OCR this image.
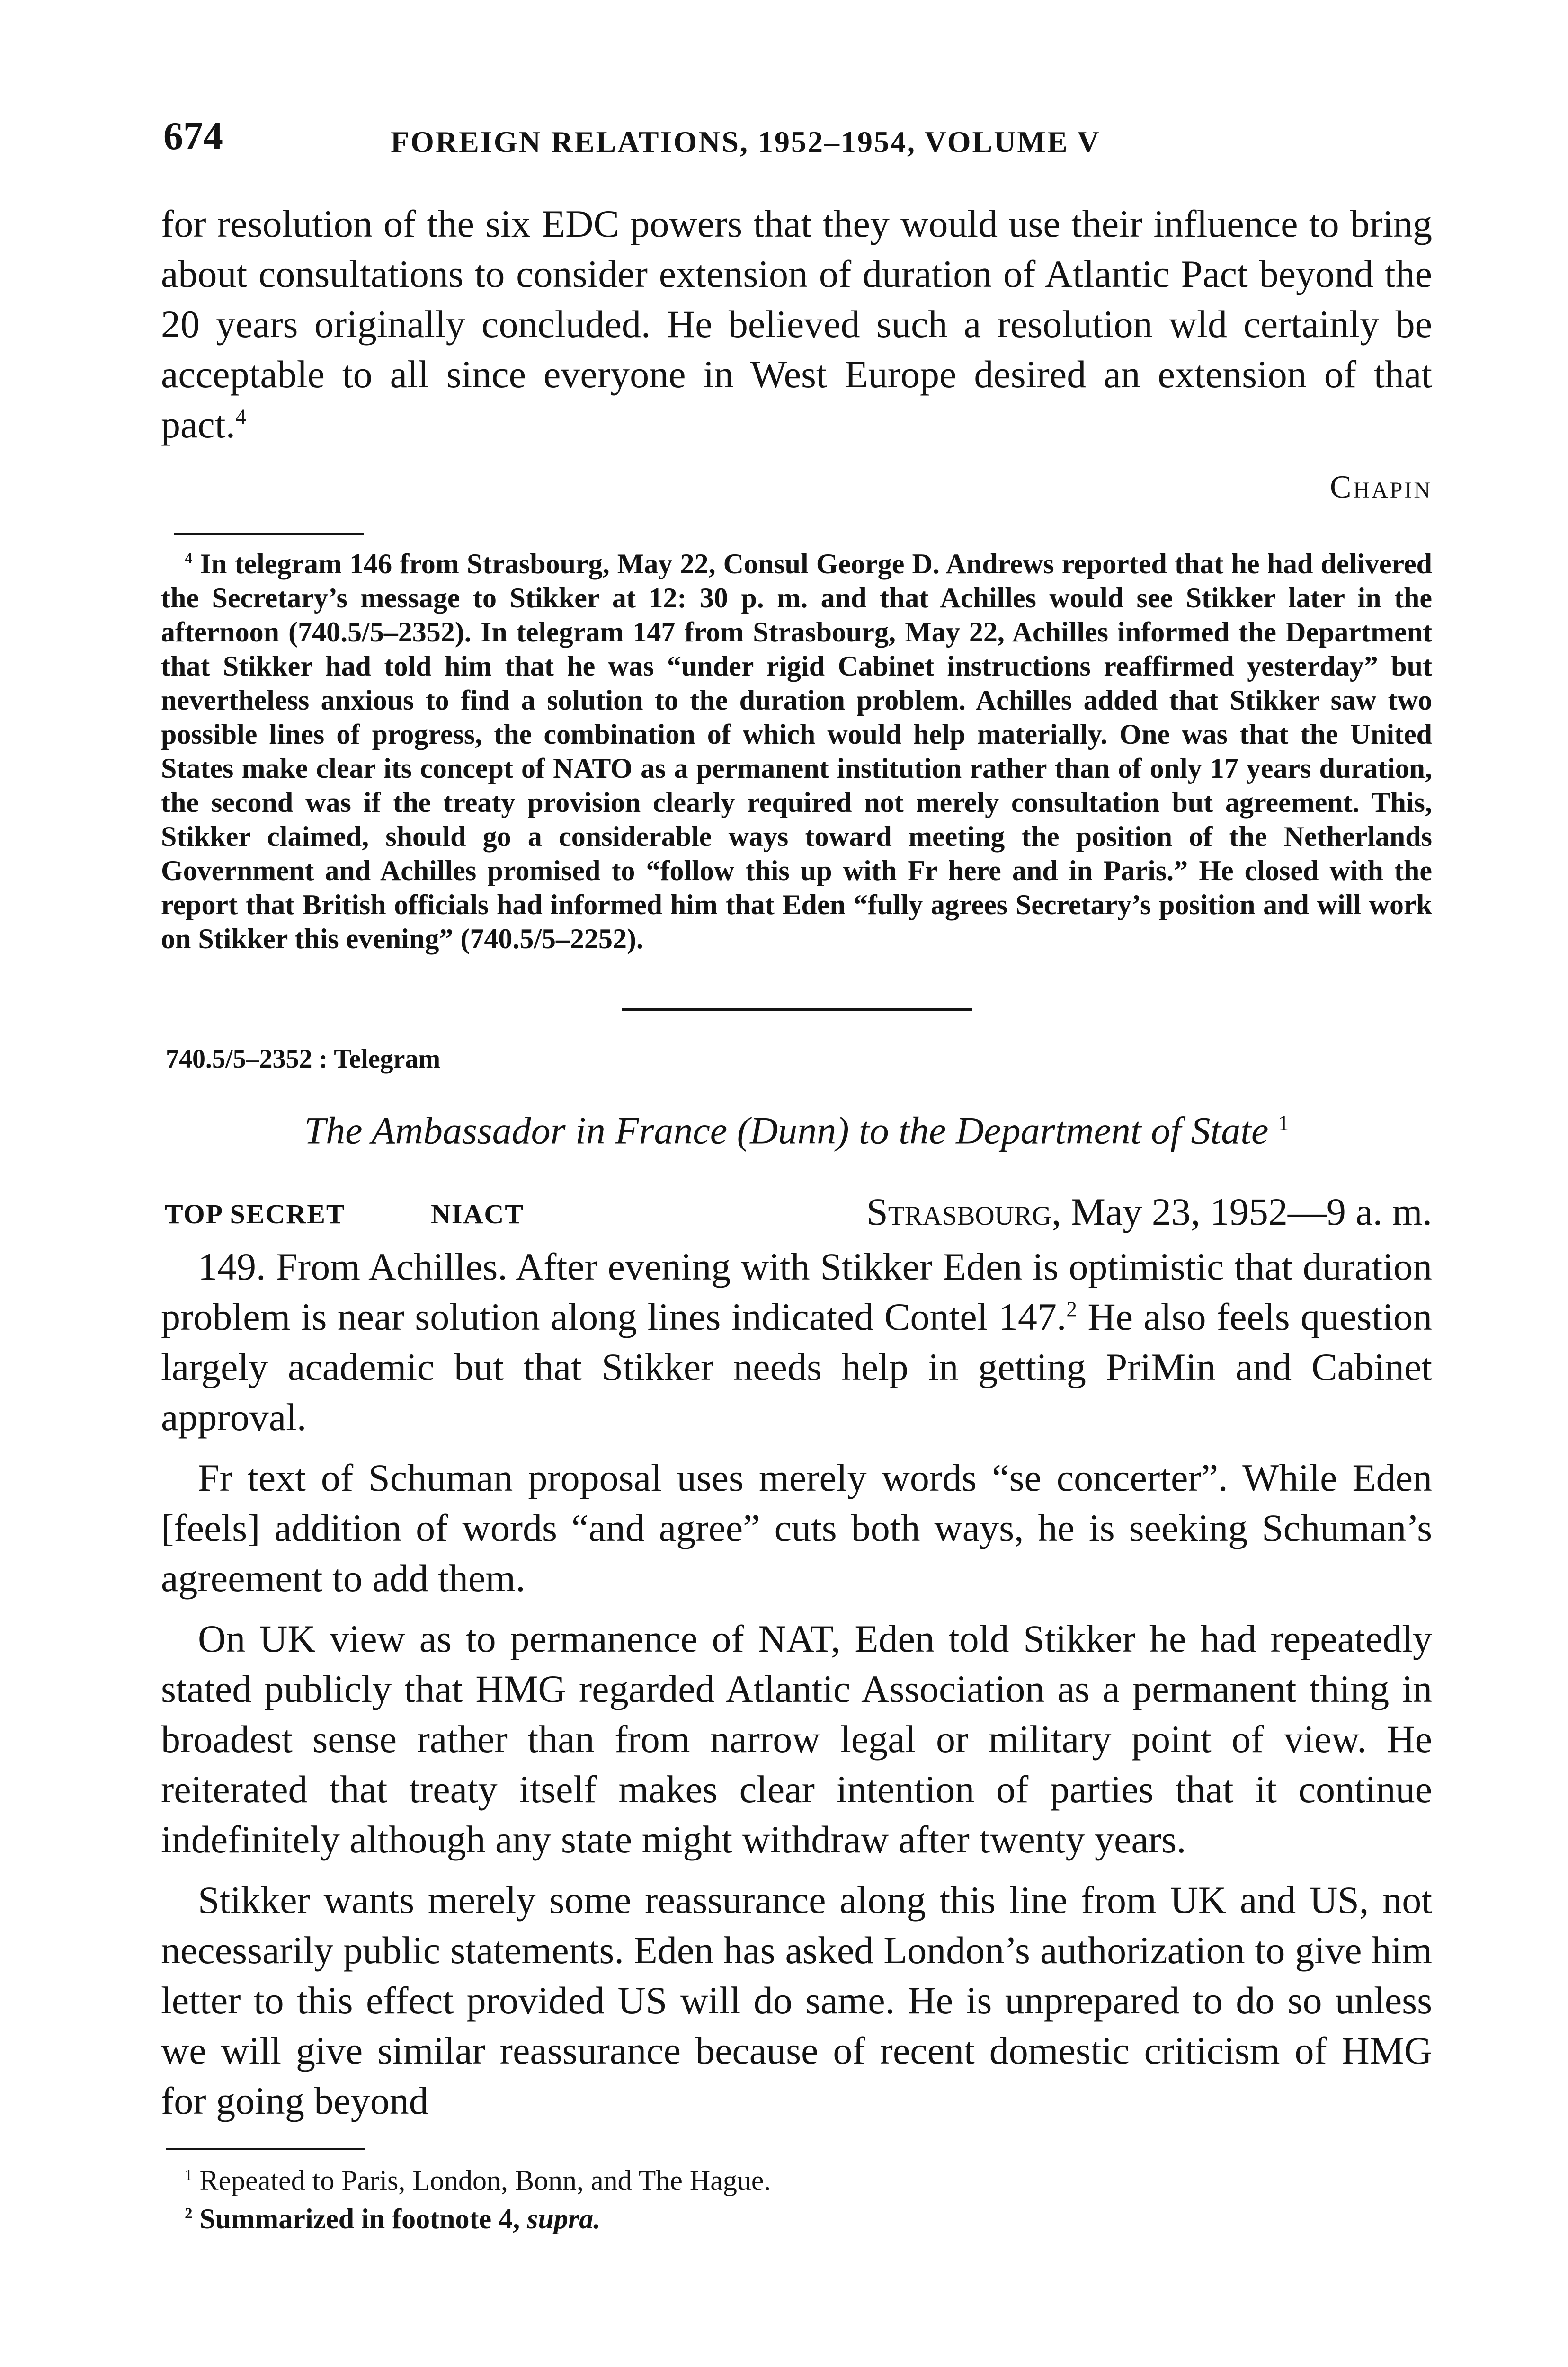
674	FOREIGN RELATIONS, 1952–1954, VOLUME V

for resolution of the six EDC powers that they would use their influence to bring about consultations to consider extension of duration of Atlantic Pact beyond the 20 years originally concluded. He believed such a resolution wld certainly be acceptable to all since everyone in West Europe desired an extension of that pact.$^4$

Chapin

$^4$ In telegram 146 from Strasbourg, May 22, Consul George D. Andrews reported that he had delivered the Secretary’s message to Stikker at 12: 30 p. m. and that Achilles would see Stikker later in the afternoon (740.5/5–2352). In telegram 147 from Strasbourg, May 22, Achilles informed the Department that Stikker had told him that he was “under rigid Cabinet instructions reaffirmed yesterday” but nevertheless anxious to find a solution to the duration problem. Achilles added that Stikker saw two possible lines of progress, the combination of which would help materially. One was that the United States make clear its concept of NATO as a permanent institution rather than of only 17 years duration, the second was if the treaty provision clearly required not merely consultation but agreement. This, Stikker claimed, should go a considerable ways toward meeting the position of the Netherlands Government and Achilles promised to “follow this up with Fr here and in Paris.” He closed with the report that British officials had informed him that Eden “fully agrees Secretary’s position and will work on Stikker this evening” (740.5/5–2252).

740.5/5–2352 : Telegram
The Ambassador in France (Dunn) to the Department of State $^1$
TOP SECRET	NIACT	Strasbourg, May 23, 1952—9 a. m.

149. From Achilles. After evening with Stikker Eden is optimistic that duration problem is near solution along lines indicated Contel 147.$^2$ He also feels question largely academic but that Stikker needs help in getting PriMin and Cabinet approval.

Fr text of Schuman proposal uses merely words “se concerter”. While Eden [feels] addition of words “and agree” cuts both ways, he is seeking Schuman’s agreement to add them.

On UK view as to permanence of NAT, Eden told Stikker he had repeatedly stated publicly that HMG regarded Atlantic Association as a permanent thing in broadest sense rather than from narrow legal or military point of view. He reiterated that treaty itself makes clear intention of parties that it continue indefinitely although any state might withdraw after twenty years.

Stikker wants merely some reassurance along this line from UK and US, not necessarily public statements. Eden has asked London’s authorization to give him letter to this effect provided US will do same. He is unprepared to do so unless we will give similar reassurance because of recent domestic criticism of HMG for going beyond

$^1$ Repeated to Paris, London, Bonn, and The Hague.

$^2$ Summarized in footnote 4, supra.
